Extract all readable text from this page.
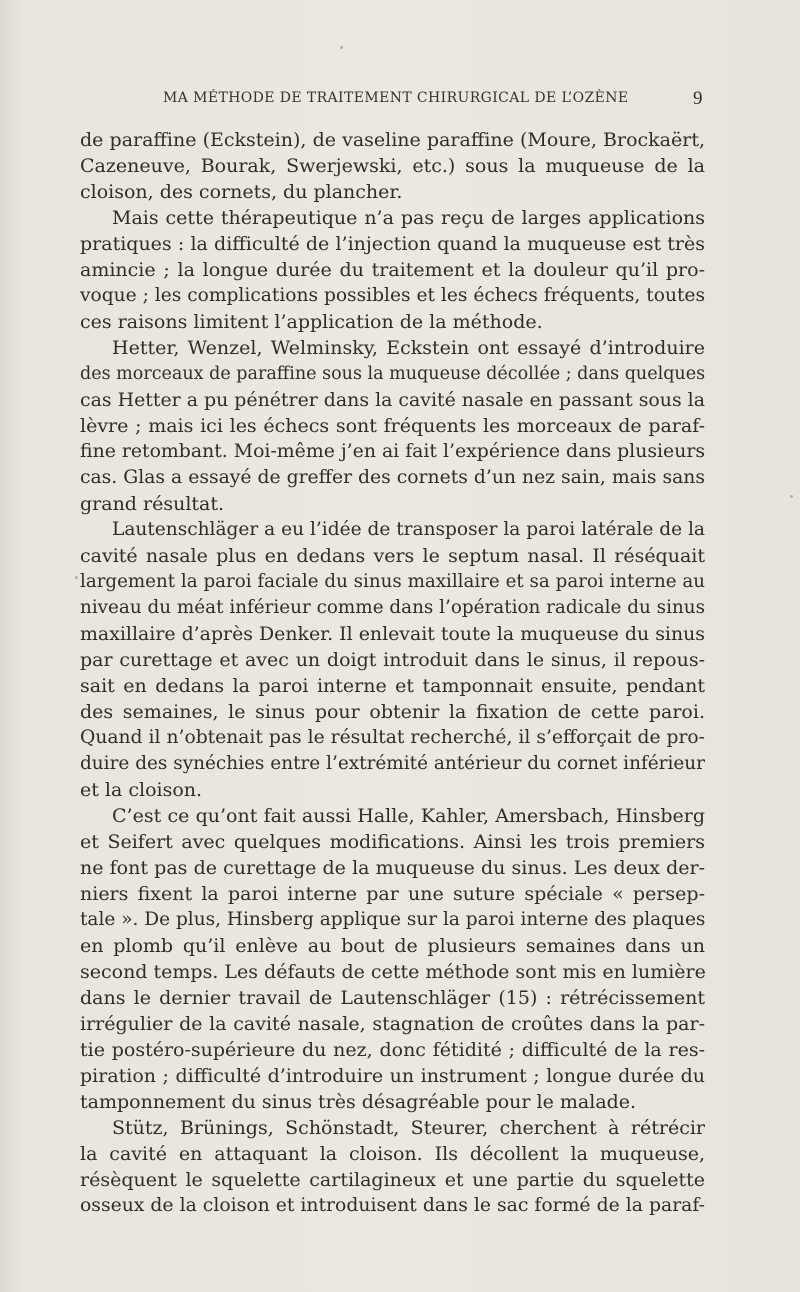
MA MÉTHODE DE TRAITEMENT CHIRURGICAL DE L’OZÈNE	9
de paraffine (Eckstein), de vaseline paraffine (Moure, Brockaërt,
Cazeneuve, Bourak, Swerjewski, etc.) sous la muqueuse de la
cloison, des cornets, du plancher.
Mais cette thérapeutique n’a pas reçu de larges applications
pratiques : la difficulté de l’injection quand la muqueuse est très
amincie ; la longue durée du traitement et la douleur qu’il pro-
voque ; les complications possibles et les échecs fréquents, toutes
ces raisons limitent l’application de la méthode.
Hetter, Wenzel, Welminsky, Eckstein ont essayé d’introduire
des morceaux de paraffine sous la muqueuse décollée ; dans quelques
cas Hetter a pu pénétrer dans la cavité nasale en passant sous la
lèvre ; mais ici les échecs sont fréquents les morceaux de paraf-
fine retombant. Moi-même j’en ai fait l’expérience dans plusieurs
cas. Glas a essayé de greffer des cornets d’un nez sain, mais sans
grand résultat.
Lautenschläger a eu l’idée de transposer la paroi latérale de la
cavité nasale plus en dedans vers le septum nasal. Il réséquait
largement la paroi faciale du sinus maxillaire et sa paroi interne au
niveau du méat inférieur comme dans l’opération radicale du sinus
maxillaire d’après Denker. Il enlevait toute la muqueuse du sinus
par curettage et avec un doigt introduit dans le sinus, il repous-
sait en dedans la paroi interne et tamponnait ensuite, pendant
des semaines, le sinus pour obtenir la fixation de cette paroi.
Quand il n’obtenait pas le résultat recherché, il s’efforçait de pro-
duire des synéchies entre l’extrémité antérieur du cornet inférieur
et la cloison.
C’est ce qu’ont fait aussi Halle, Kahler, Amersbach, Hinsberg
et Seifert avec quelques modifications. Ainsi les trois premiers
ne font pas de curettage de la muqueuse du sinus. Les deux der-
niers fixent la paroi interne par une suture spéciale « persep-
tale ». De plus, Hinsberg applique sur la paroi interne des plaques
en plomb qu’il enlève au bout de plusieurs semaines dans un
second temps. Les défauts de cette méthode sont mis en lumière
dans le dernier travail de Lautenschläger (15) : rétrécissement
irrégulier de la cavité nasale, stagnation de croûtes dans la par-
tie postéro-supérieure du nez, donc fétidité ; difficulté de la res-
piration ; difficulté d’introduire un instrument ; longue durée du
tamponnement du sinus très désagréable pour le malade.
Stütz, Brünings, Schönstadt, Steurer, cherchent à rétrécir
la cavité en attaquant la cloison. Ils décollent la muqueuse,
résèquent le squelette cartilagineux et une partie du squelette
osseux de la cloison et introduisent dans le sac formé de la paraf-
